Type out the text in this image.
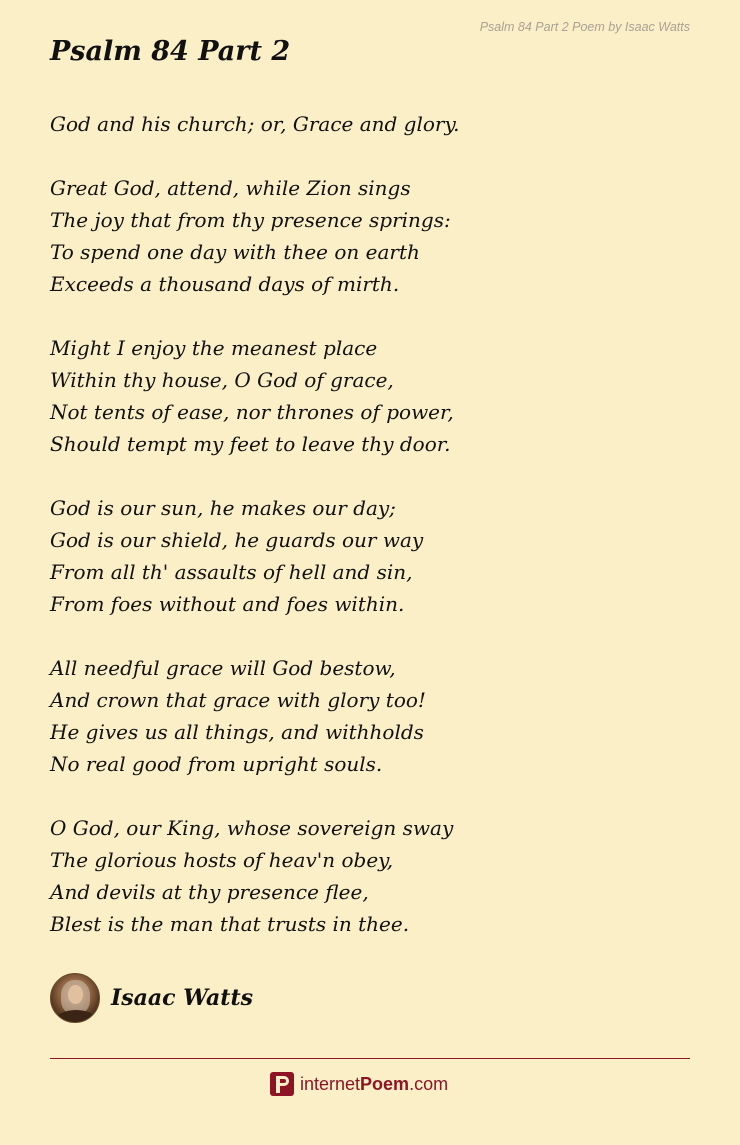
Psalm 84 Part 2 Poem by Isaac Watts
Psalm 84 Part 2
God and his church; or, Grace and glory.
Great God, attend, while Zion sings
The joy that from thy presence springs:
To spend one day with thee on earth
Exceeds a thousand days of mirth.
Might I enjoy the meanest place
Within thy house, O God of grace,
Not tents of ease, nor thrones of power,
Should tempt my feet to leave thy door.
God is our sun, he makes our day;
God is our shield, he guards our way
From all th' assaults of hell and sin,
From foes without and foes within.
All needful grace will God bestow,
And crown that grace with glory too!
He gives us all things, and withholds
No real good from upright souls.
O God, our King, whose sovereign sway
The glorious hosts of heav'n obey,
And devils at thy presence flee,
Blest is the man that trusts in thee.
Isaac Watts
internet Poem .com
